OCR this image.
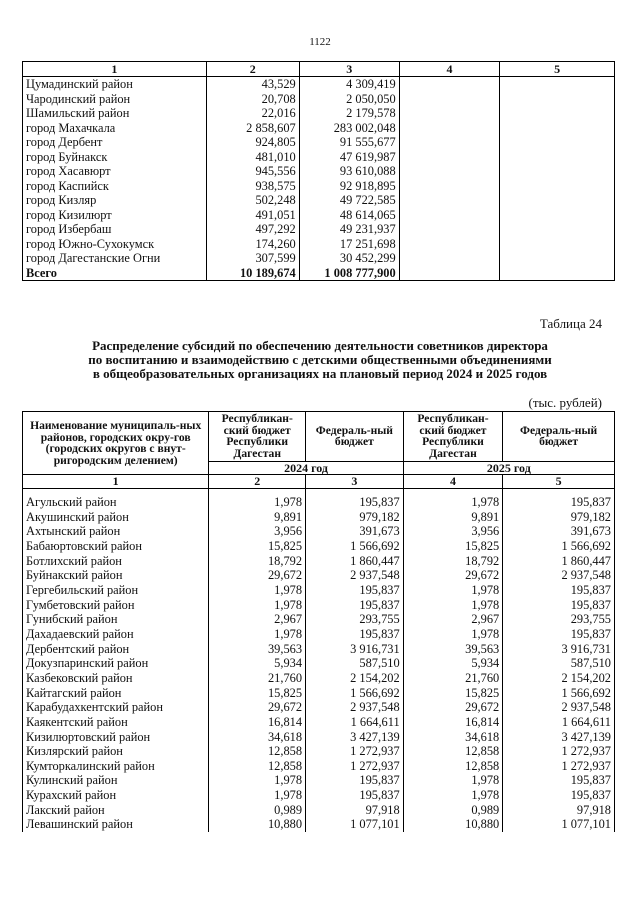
1122
1	2	3	4	5
Цумадинский район	43,529	4 309,419		
Чародинский район	20,708	2 050,050		
Шамильский район	22,016	2 179,578		
город Махачкала	2 858,607	283 002,048		
город Дербент	924,805	91 555,677		
город Буйнакск	481,010	47 619,987		
город Хасавюрт	945,556	93 610,088		
город Каспийск	938,575	92 918,895		
город Кизляр	502,248	49 722,585		
город Кизилюрт	491,051	48 614,065		
город Избербаш	497,292	49 231,937		
город Южно-Сухокумск	174,260	17 251,698		
город Дагестанские Огни	307,599	30 452,299		
Всего	10 189,674	1 008 777,900		
Таблица 24
Распределение субсидий по обеспечению деятельности советников директора
по воспитанию и взаимодействию с детскими общественными объединениями
в общеобразовательных организациях на плановый период 2024 и 2025 годов
(тыс. рублей)
Наименование муниципаль-ных районов, городских окру-гов (городских округов с внут-ригородским делением)	Республикан-ский бюджет Республики Дагестан	Федераль-ный бюджет	Республикан-ский бюджет Республики Дагестан	Федераль-ный бюджет
	2024 год		2025 год	
1	2	3	4	5

Агульский район	1,978	195,837	1,978	195,837
Акушинский район	9,891	979,182	9,891	979,182
Ахтынский район	3,956	391,673	3,956	391,673
Бабаюртовский район	15,825	1 566,692	15,825	1 566,692
Ботлихский район	18,792	1 860,447	18,792	1 860,447
Буйнакский район	29,672	2 937,548	29,672	2 937,548
Гергебильский район	1,978	195,837	1,978	195,837
Гумбетовский район	1,978	195,837	1,978	195,837
Гунибский район	2,967	293,755	2,967	293,755
Дахадаевский район	1,978	195,837	1,978	195,837
Дербентский район	39,563	3 916,731	39,563	3 916,731
Докузпаринский район	5,934	587,510	5,934	587,510
Казбековский район	21,760	2 154,202	21,760	2 154,202
Кайтагский район	15,825	1 566,692	15,825	1 566,692
Карабудахкентский район	29,672	2 937,548	29,672	2 937,548
Каякентский район	16,814	1 664,611	16,814	1 664,611
Кизилюртовский район	34,618	3 427,139	34,618	3 427,139
Кизлярский район	12,858	1 272,937	12,858	1 272,937
Кумторкалинский район	12,858	1 272,937	12,858	1 272,937
Кулинский район	1,978	195,837	1,978	195,837
Курахский район	1,978	195,837	1,978	195,837
Лакский район	0,989	97,918	0,989	97,918
Левашинский район	10,880	1 077,101	10,880	1 077,101
